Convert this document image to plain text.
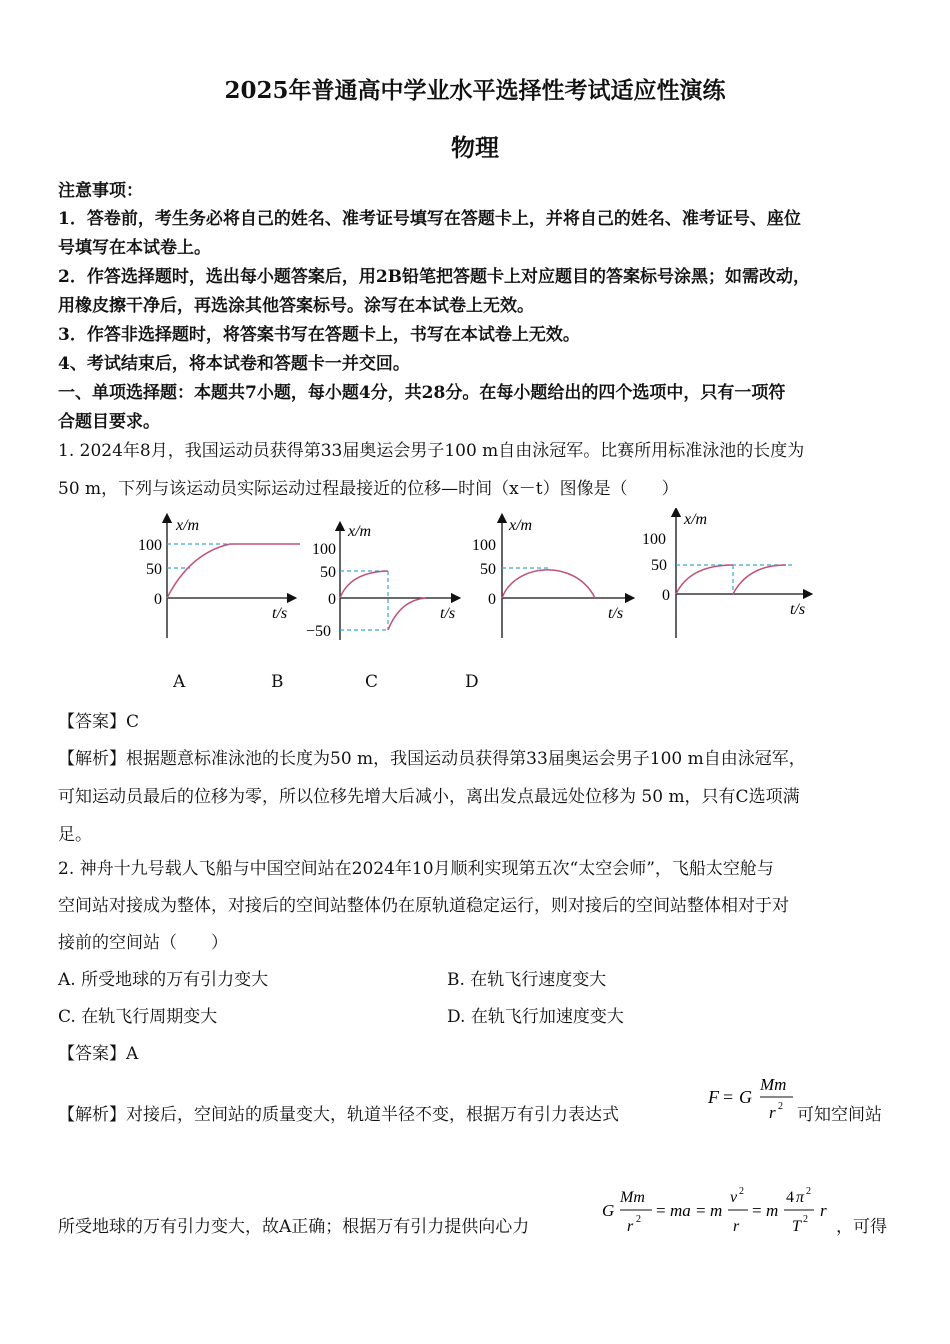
2025年普通高中学业水平选择性考试适应性演练
物理
注意事项：
1．答卷前，考生务必将自己的姓名、准考证号填写在答题卡上，并将自己的姓名、准考证号、座位
号填写在本试卷上。
2．作答选择题时，选出每小题答案后，用2B铅笔把答题卡上对应题目的答案标号涂黑；如需改动，
用橡皮擦干净后，再选涂其他答案标号。涂写在本试卷上无效。
3．作答非选择题时，将答案书写在答题卡上，书写在本试卷上无效。
4、考试结束后，将本试卷和答题卡一并交回。
一、单项选择题：本题共7小题，每小题4分，共28分。在每小题给出的四个选项中，只有一项符
合题目要求。
1. 2024年8月，我国运动员获得第33届奥运会男子100 m自由泳冠军。比赛所用标准泳池的长度为
50 m，下列与该运动员实际运动过程最接近的位移—时间（x－t）图像是（　　）
x/m
100
50
0
t/s
x/m
100
50
0
−50
t/s
x/m
100
50
0
t/s
x/m
100
50
0
t/s
A	B	C	D
【答案】C
【解析】根据题意标准泳池的长度为50 m，我国运动员获得第33届奥运会男子100 m自由泳冠军，
可知运动员最后的位移为零，所以位移先增大后减小，离出发点最远处位移为 50 m，只有C选项满
足。
2. 神舟十九号载人飞船与中国空间站在2024年10月顺利实现第五次“太空会师”，飞船太空舱与
空间站对接成为整体，对接后的空间站整体仍在原轨道稳定运行，则对接后的空间站整体相对于对
接前的空间站（　　）
A. 所受地球的万有引力变大	B. 在轨飞行速度变大
C. 在轨飞行周期变大	D. 在轨飞行加速度变大
【答案】A
【解析】对接后，空间站的质量变大，轨道半径不变，根据万有引力表达式
F = G
Mm
r 2 可知空间站
所受地球的万有引力变大，故A正确；根据万有引力提供向心力
G
Mm
r 2 = ma = m
v 2
r
= m
4 π 2
T 2 r
，可得
